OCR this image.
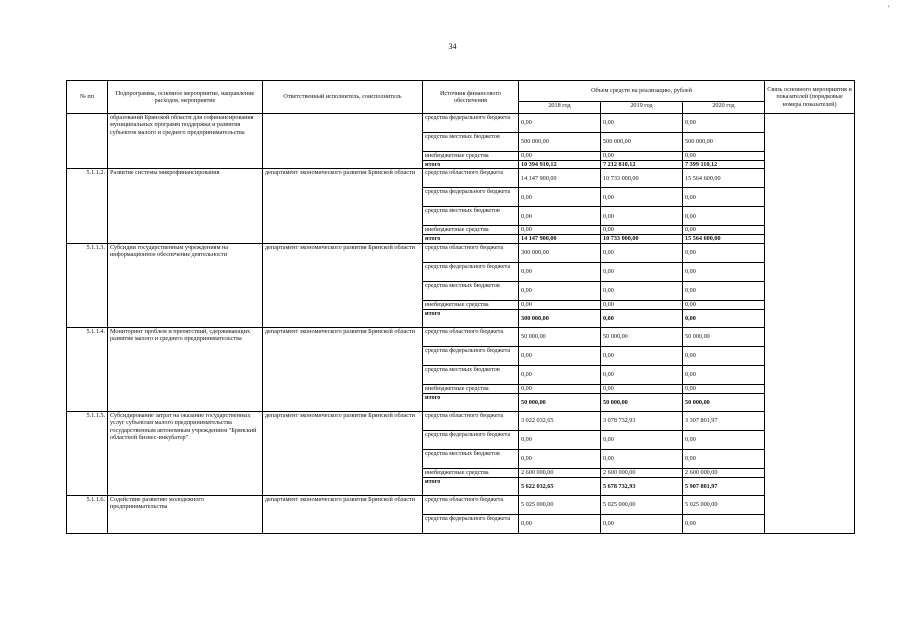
'
34
№ пп	Подпрограмма, основное мероприятие, направление расходов, мероприятие	Ответственный исполнитель, соисполнитель	Источник финансового обеспечения	Объем средств на реализацию, рублей			Связь основного мероприятия и показателей (порядковые номера показателей)
				2018 год	2019 год	2020 год	
	образований Брянской области для софинансирования муниципальных программ поддержки и развития субъектов малого и среднего предпринимательства		средства федерального бюджета	0,00	0,00	0,00	
			средства местных бюджетов	500 000,00	500 000,00	500 000,00	
			внебюджетные средства	0,00	0,00	0,00	
			итого	10 394 910,12	7 212 810,12	7 399 110,12	
5.1.1.2.	Развитие системы микрофинансирования	департамент экономического развития Брянской области	средства областного бюджета	14 147 900,00	10 733 000,00	15 564 600,00	
			средства федерального бюджета	0,00	0,00	0,00	
			средства местных бюджетов	0,00	0,00	0,00	
			внебюджетные средства	0,00	0,00	0,00	
			итого	14 147 900,00	10 733 000,00	15 564 600,00	
5.1.1.3.	Субсидии государственным учреждениям на информационное обеспечение деятельности	департамент экономического развития Брянской области	средства областного бюджета	300 000,00	0,00	0,00	
			средства федерального бюджета	0,00	0,00	0,00	
			средства местных бюджетов	0,00	0,00	0,00	
			внебюджетные средства	0,00	0,00	0,00	
			итого	300 000,00	0,00	0,00	
5.1.1.4.	Мониторинг проблем и препятствий, сдерживающих развитие малого и среднего предпринимательства	департамент экономического развития Брянской области	средства областного бюджета	50 000,00	50 000,00	50 000,00	
			средства федерального бюджета	0,00	0,00	0,00	
			средства местных бюджетов	0,00	0,00	0,00	
			внебюджетные средства	0,00	0,00	0,00	
			итого	50 000,00	50 000,00	50 000,00	
5.1.1.5.	Субсидирование затрат на оказание государственных услуг субъектам малого предпринимательства государственным автономным учреждением "Брянский областной бизнес-инкубатор"	департамент экономического развития Брянской области	средства областного бюджета	3 022 032,65	3 078 732,93	3 307 801,97	
			средства федерального бюджета	0,00	0,00	0,00	
			средства местных бюджетов	0,00	0,00	0,00	
			внебюджетные средства	2 600 000,00	2 600 000,00	2 600 000,00	
			итого	5 622 032,65	5 678 732,93	5 907 801,97	
5.1.1.6.	Содействие развитию молодежного предпринимательства	департамент экономического развития Брянской области	средства областного бюджета	5 025 000,00	5 025 000,00	5 025 000,00	
			средства федерального бюджета	0,00	0,00	0,00	
